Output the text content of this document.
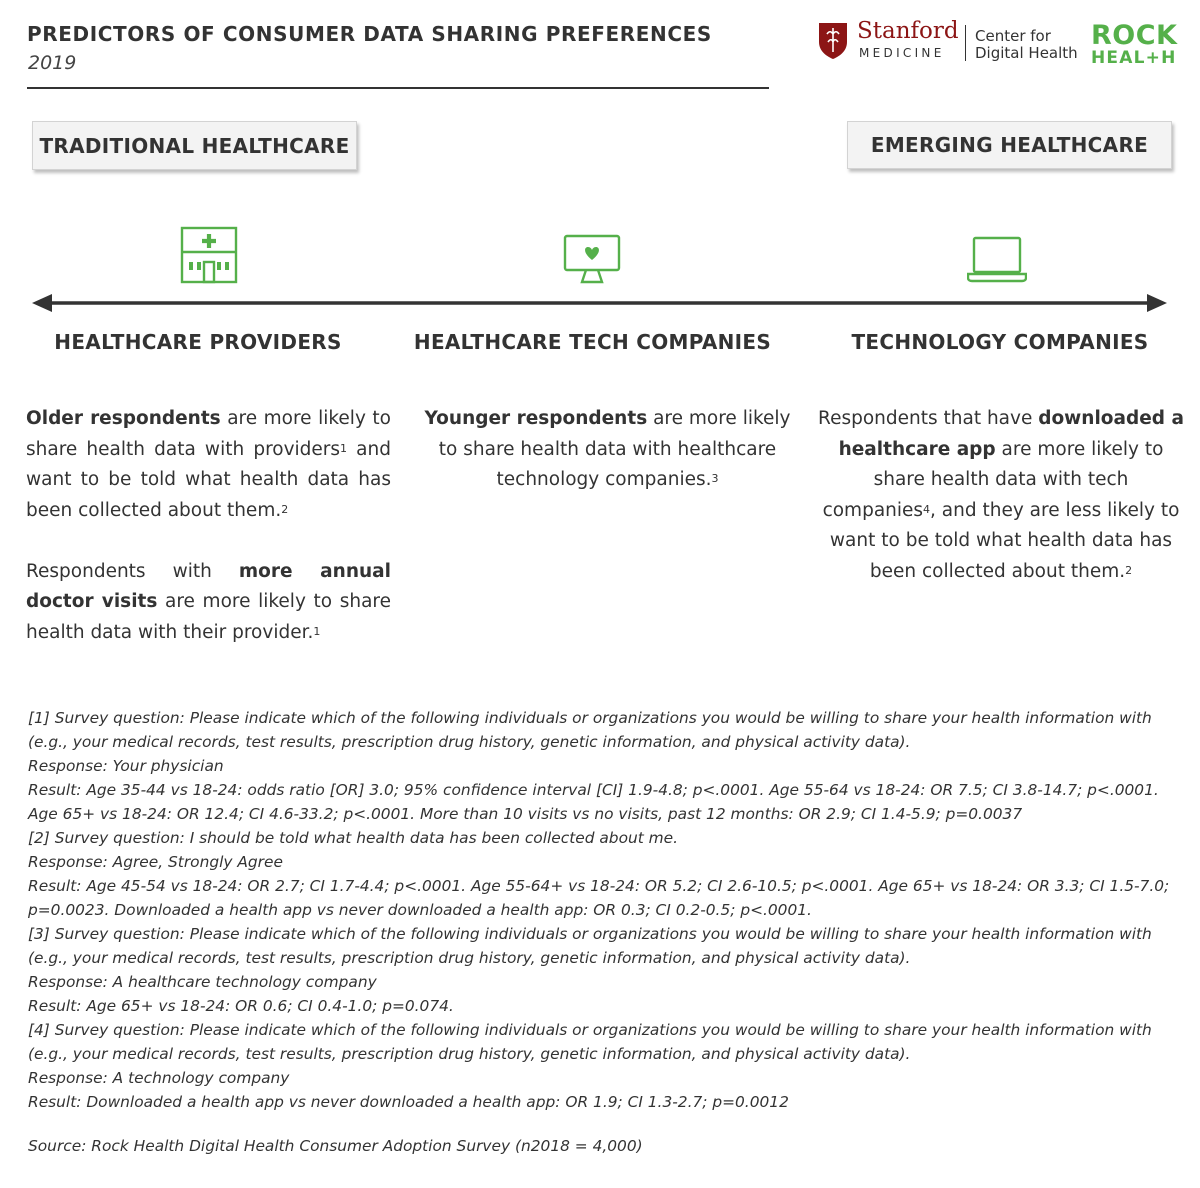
PREDICTORS OF CONSUMER DATA SHARING PREFERENCES
2019
Stanford
MEDICINE
Center for
Digital Health
ROCK
HEAL+H
TRADITIONAL HEALTHCARE	EMERGING HEALTHCARE
HEALTHCARE PROVIDERS	HEALTHCARE TECH COMPANIES	TECHNOLOGY COMPANIES

Older respondents are more likely to share health data with providers$^1$ and want to be told what health data has been collected about them.$^2$

Respondents with more annual doctor visits are more likely to share health data with their provider.$^1$

Younger respondents are more likely to share health data with healthcare technology companies.$^3$
Respondents that have downloaded a healthcare app are more likely to share health data with tech companies$^4$, and they are less likely to want to be told what health data has been collected about them.$^2$
[1] Survey question: Please indicate which of the following individuals or organizations you would be willing to share your health information with (e.g., your medical records, test results, prescription drug history, genetic information, and physical activity data).
Response: Your physician
Result: Age 35-44 vs 18-24: odds ratio [OR] 3.0; 95% confidence interval [CI] 1.9-4.8; p<.0001. Age 55-64 vs 18-24: OR 7.5; CI 3.8-14.7; p<.0001. Age 65+ vs 18-24: OR 12.4; CI 4.6-33.2; p<.0001. More than 10 visits vs no visits, past 12 months: OR 2.9; CI 1.4-5.9; p=0.0037
[2] Survey question: I should be told what health data has been collected about me.
Response: Agree, Strongly Agree
Result: Age 45-54 vs 18-24: OR 2.7; CI 1.7-4.4; p<.0001. Age 55-64+ vs 18-24: OR 5.2; CI 2.6-10.5; p<.0001. Age 65+ vs 18-24: OR 3.3; CI 1.5-7.0; p=0.0023. Downloaded a health app vs never downloaded a health app: OR 0.3; CI 0.2-0.5; p<.0001.
[3] Survey question: Please indicate which of the following individuals or organizations you would be willing to share your health information with (e.g., your medical records, test results, prescription drug history, genetic information, and physical activity data).
Response: A healthcare technology company
Result: Age 65+ vs 18-24: OR 0.6; CI 0.4-1.0; p=0.074.
[4] Survey question: Please indicate which of the following individuals or organizations you would be willing to share your health information with (e.g., your medical records, test results, prescription drug history, genetic information, and physical activity data).
Response: A technology company
Result: Downloaded a health app vs never downloaded a health app: OR 1.9; CI 1.3-2.7; p=0.0012
Source: Rock Health Digital Health Consumer Adoption Survey (n2018 = 4,000)
